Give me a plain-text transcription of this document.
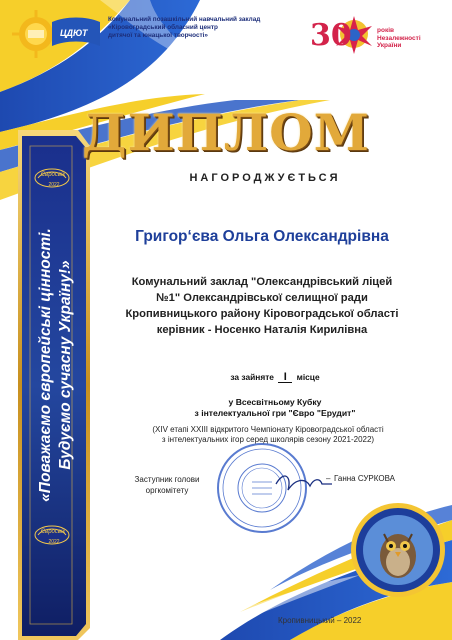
Комунальний позашкільний навчальний заклад
«Кіровоградський обласний центр
дитячої та юнацької творчості»
ЦДЮТ	30	років
Незалежності
України
ДИПЛОМ
НАГОРОДЖУЄТЬСЯ
«Поважаємо європейські цінності. Будуємо сучасну Україну!»
Євросвік
2022
Євросвік
2022
Григор‘єва Ольга Олександрівна
Комунальний заклад "Олександрівський ліцей
№1" Олександрівської селищної ради
Кропивницького району Кіровоградської області
керівник - Носенко Наталія Кирилівна
за зайняте І місце
у Всесвітньому Кубку
з інтелектуальної гри "Євро "Ерудит"
(XIV етапі XXIII відкритого Чемпіонату Кіровоградської області
з інтелектуальних ігор серед школярів сезону 2021-2022)
Заступник голови
оргкомітету
– Ганна СУРКОВА
Кропивницький – 2022
